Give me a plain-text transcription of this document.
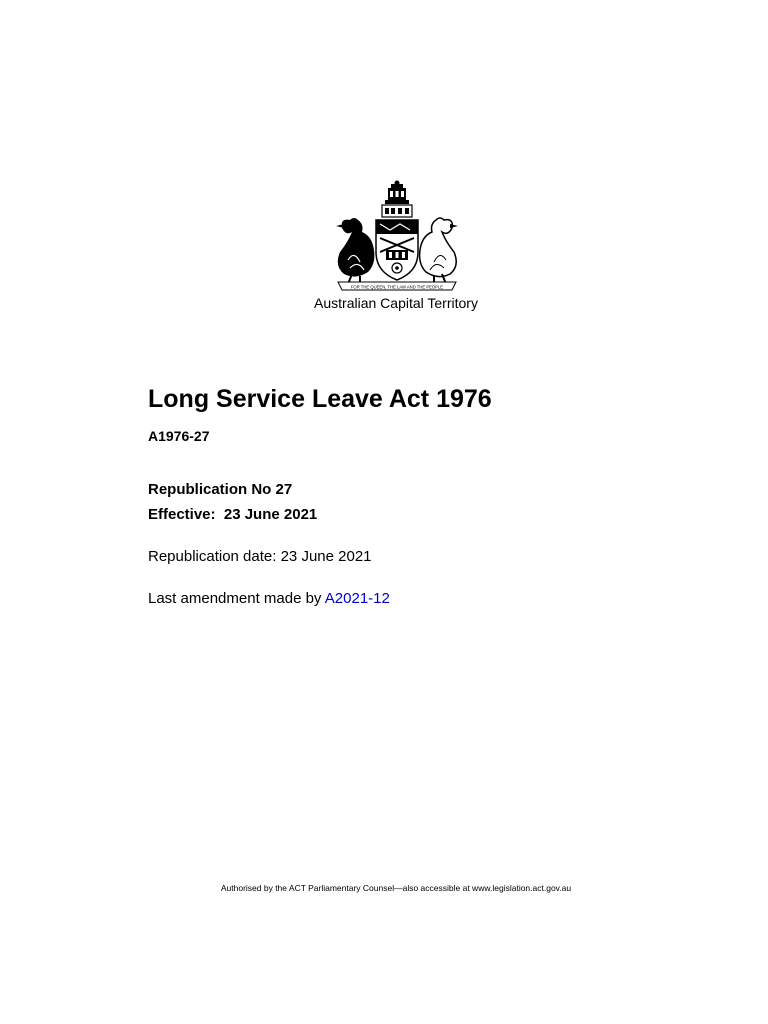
FOR THE QUEEN, THE LAW AND THE PEOPLE
Australian Capital Territory
Long Service Leave Act 1976
A1976-27
Republication No 27
Effective:  23 June 2021
Republication date: 23 June 2021
Last amendment made by A2021-12
Authorised by the ACT Parliamentary Counsel—also accessible at www.legislation.act.gov.au
